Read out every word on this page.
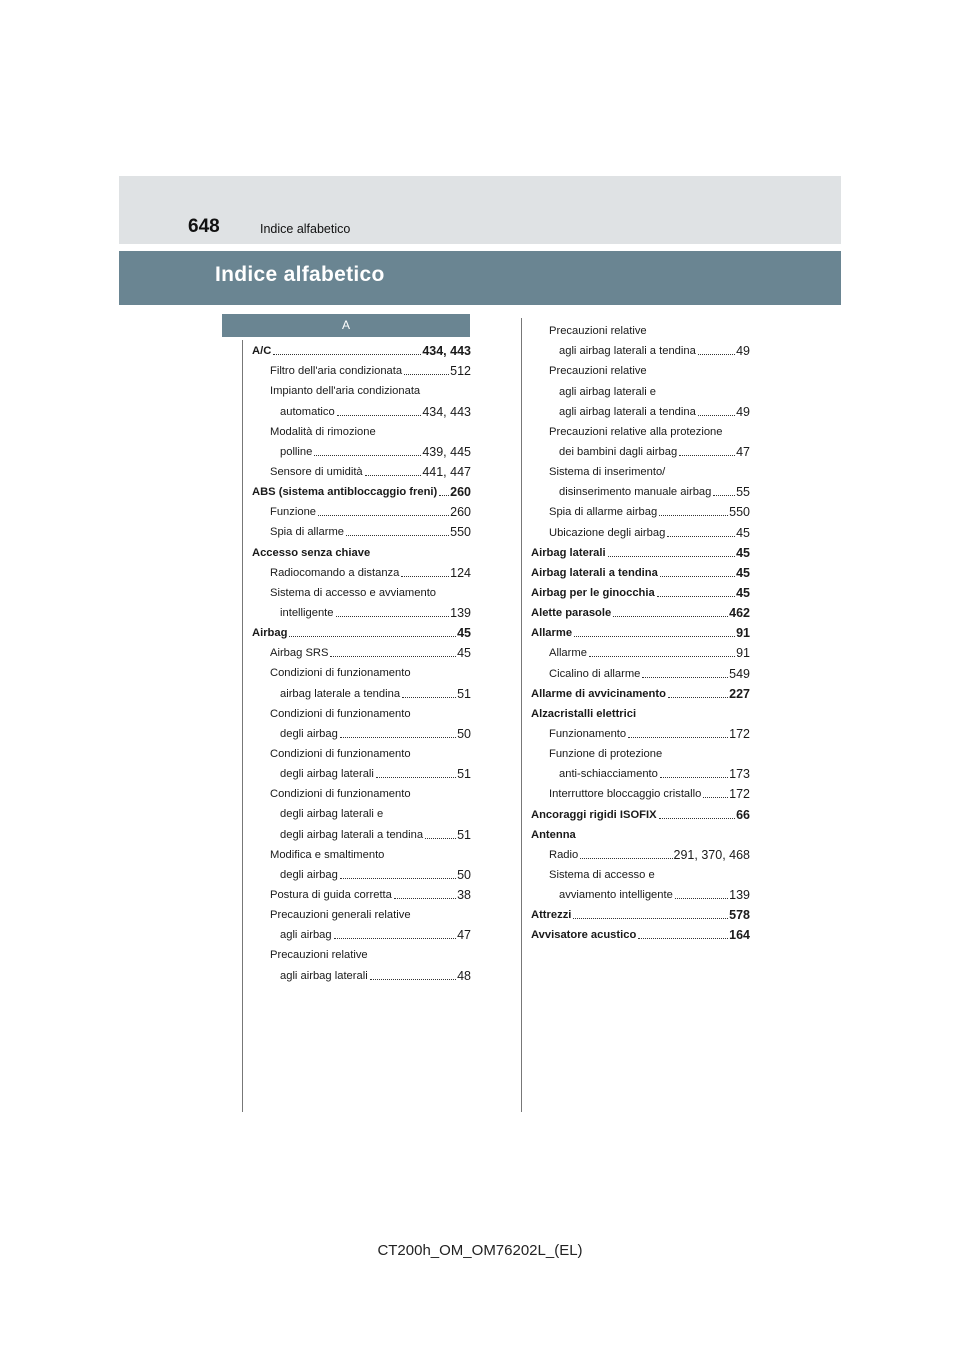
648	Indice alfabetico
Indice alfabetico
A
A/C	434, 443
Filtro dell'aria condizionata	512
Impianto dell'aria condizionata
automatico	434, 443
Modalità di rimozione
polline	439, 445
Sensore di umidità	441, 447
ABS (sistema antibloccaggio freni) 260
Funzione	260
Spia di allarme	550
Accesso senza chiave
Radiocomando a distanza	124
Sistema di accesso e avviamento
intelligente	139
Airbag	45
Airbag SRS	45
Condizioni di funzionamento
airbag laterale a tendina	51
Condizioni di funzionamento
degli airbag	50
Condizioni di funzionamento
degli airbag laterali	51
Condizioni di funzionamento
degli airbag laterali e
degli airbag laterali a tendina	51
Modifica e smaltimento
degli airbag	50
Postura di guida corretta	38
Precauzioni generali relative
agli airbag	47
Precauzioni relative
agli airbag laterali	48
Precauzioni relative
agli airbag laterali a tendina	49
Precauzioni relative
agli airbag laterali e
agli airbag laterali a tendina	49
Precauzioni relative alla protezione
dei bambini dagli airbag	47
Sistema di inserimento/
disinserimento manuale airbag 55
Spia di allarme airbag	550
Ubicazione degli airbag	45
Airbag laterali	45
Airbag laterali a tendina	45
Airbag per le ginocchia	45
Alette parasole	462
Allarme	91
Allarme	91
Cicalino di allarme	549
Allarme di avvicinamento	227
Alzacristalli elettrici
Funzionamento	172
Funzione di protezione
anti-schiacciamento	173
Interruttore bloccaggio cristallo 172
Ancoraggi rigidi ISOFIX	66
Antenna
Radio	291, 370, 468
Sistema di accesso e
avviamento intelligente	139
Attrezzi	578
Avvisatore acustico	164
CT200h_OM_OM76202L_(EL)
